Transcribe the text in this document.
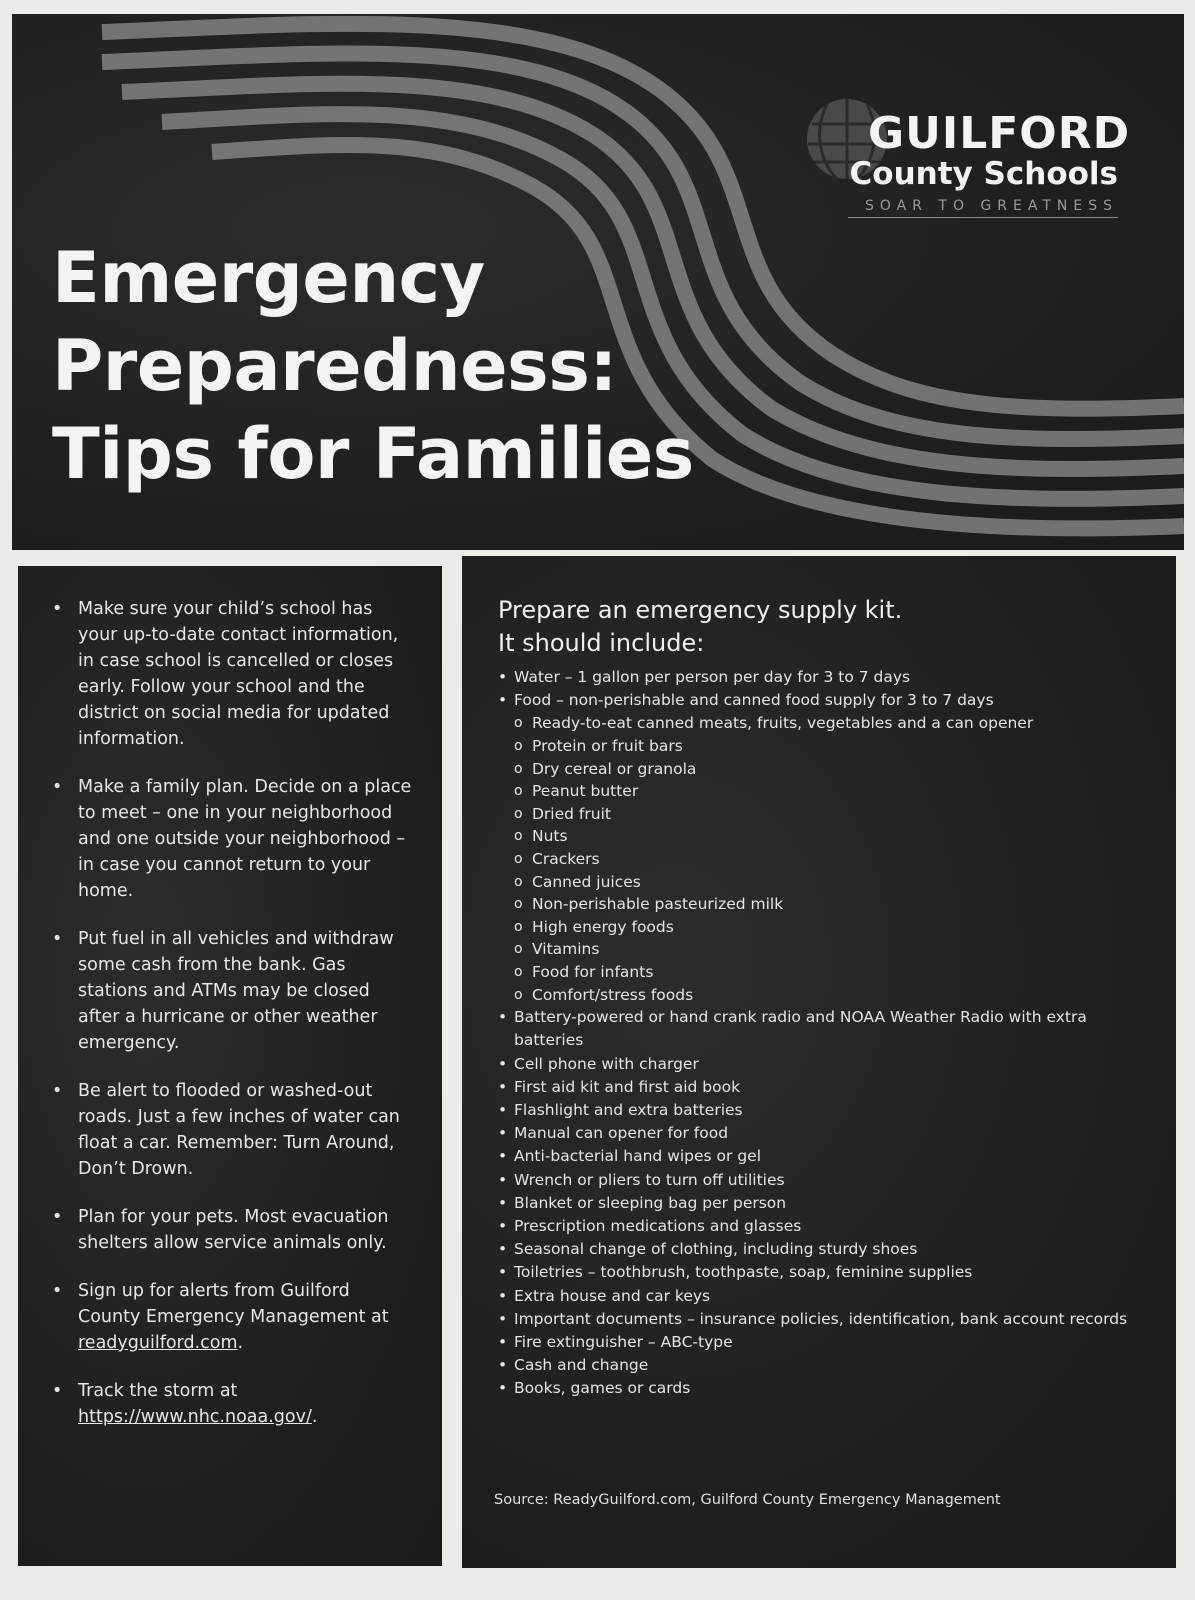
Emergency
Preparedness:
Tips for Families
GUILFORD
County Schools
SOAR TO GREATNESS
• Make sure your child’s school has your up-to-date contact information, in case school is cancelled or closes early. Follow your school and the district on social media for updated information.
• Make a family plan. Decide on a place to meet – one in your neighborhood and one outside your neighborhood – in case you cannot return to your home.
• Put fuel in all vehicles and withdraw some cash from the bank. Gas stations and ATMs may be closed after a hurricane or other weather emergency.
• Be alert to flooded or washed-out roads. Just a few inches of water can float a car. Remember: Turn Around, Don’t Drown.
• Plan for your pets. Most evacuation shelters allow service animals only.
• Sign up for alerts from Guilford County Emergency Management at readyguilford.com.
• Track the storm at https://www.nhc.noaa.gov/.
Prepare an emergency supply kit.
It should include:
• Water – 1 gallon per person per day for 3 to 7 days
• Food – non-perishable and canned food supply for 3 to 7 days
o Ready-to-eat canned meats, fruits, vegetables and a can opener
o Protein or fruit bars
o Dry cereal or granola
o Peanut butter
o Dried fruit
o Nuts
o Crackers
o Canned juices
o Non-perishable pasteurized milk
o High energy foods
o Vitamins
o Food for infants
o Comfort/stress foods
• Battery-powered or hand crank radio and NOAA Weather Radio with extra batteries
• Cell phone with charger
• First aid kit and first aid book
• Flashlight and extra batteries
• Manual can opener for food
• Anti-bacterial hand wipes or gel
• Wrench or pliers to turn off utilities
• Blanket or sleeping bag per person
• Prescription medications and glasses
• Seasonal change of clothing, including sturdy shoes
• Toiletries – toothbrush, toothpaste, soap, feminine supplies
• Extra house and car keys
• Important documents – insurance policies, identification, bank account records
• Fire extinguisher – ABC-type
• Cash and change
• Books, games or cards

Source: ReadyGuilford.com, Guilford County Emergency Management
